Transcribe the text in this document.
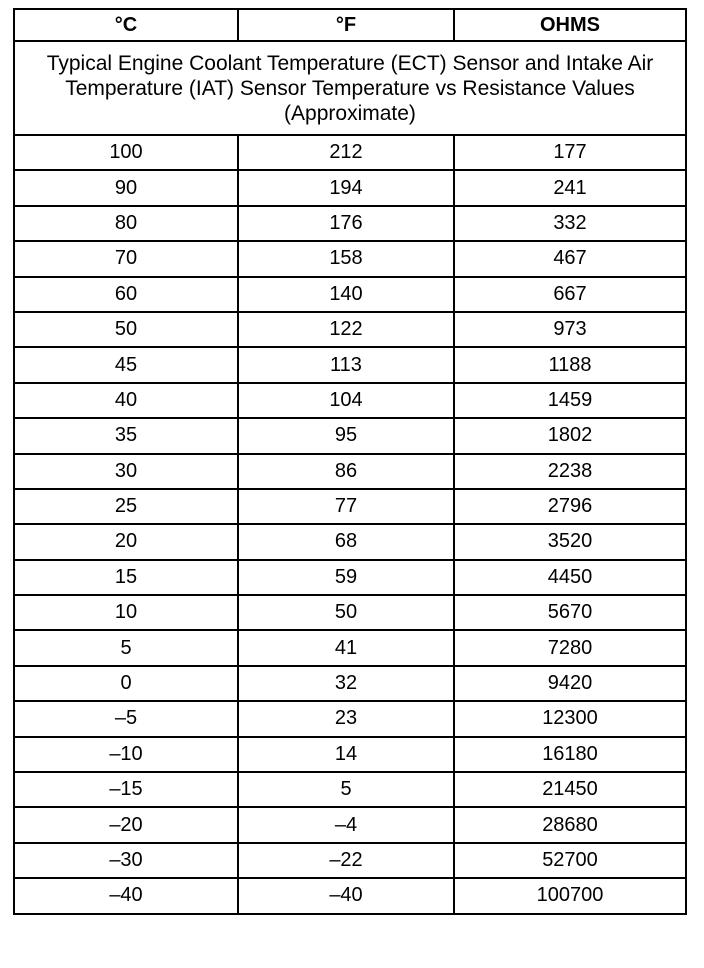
°C	°F	OHMS
Typical Engine Coolant Temperature (ECT) Sensor and Intake Air Temperature (IAT) Sensor Temperature vs Resistance Values (Approximate)		
100	212	177
90	194	241
80	176	332
70	158	467
60	140	667
50	122	973
45	113	1188
40	104	1459
35	95	1802
30	86	2238
25	77	2796
20	68	3520
15	59	4450
10	50	5670
5	41	7280
0	32	9420
–5	23	12300
–10	14	16180
–15	5	21450
–20	–4	28680
–30	–22	52700
–40	–40	100700
